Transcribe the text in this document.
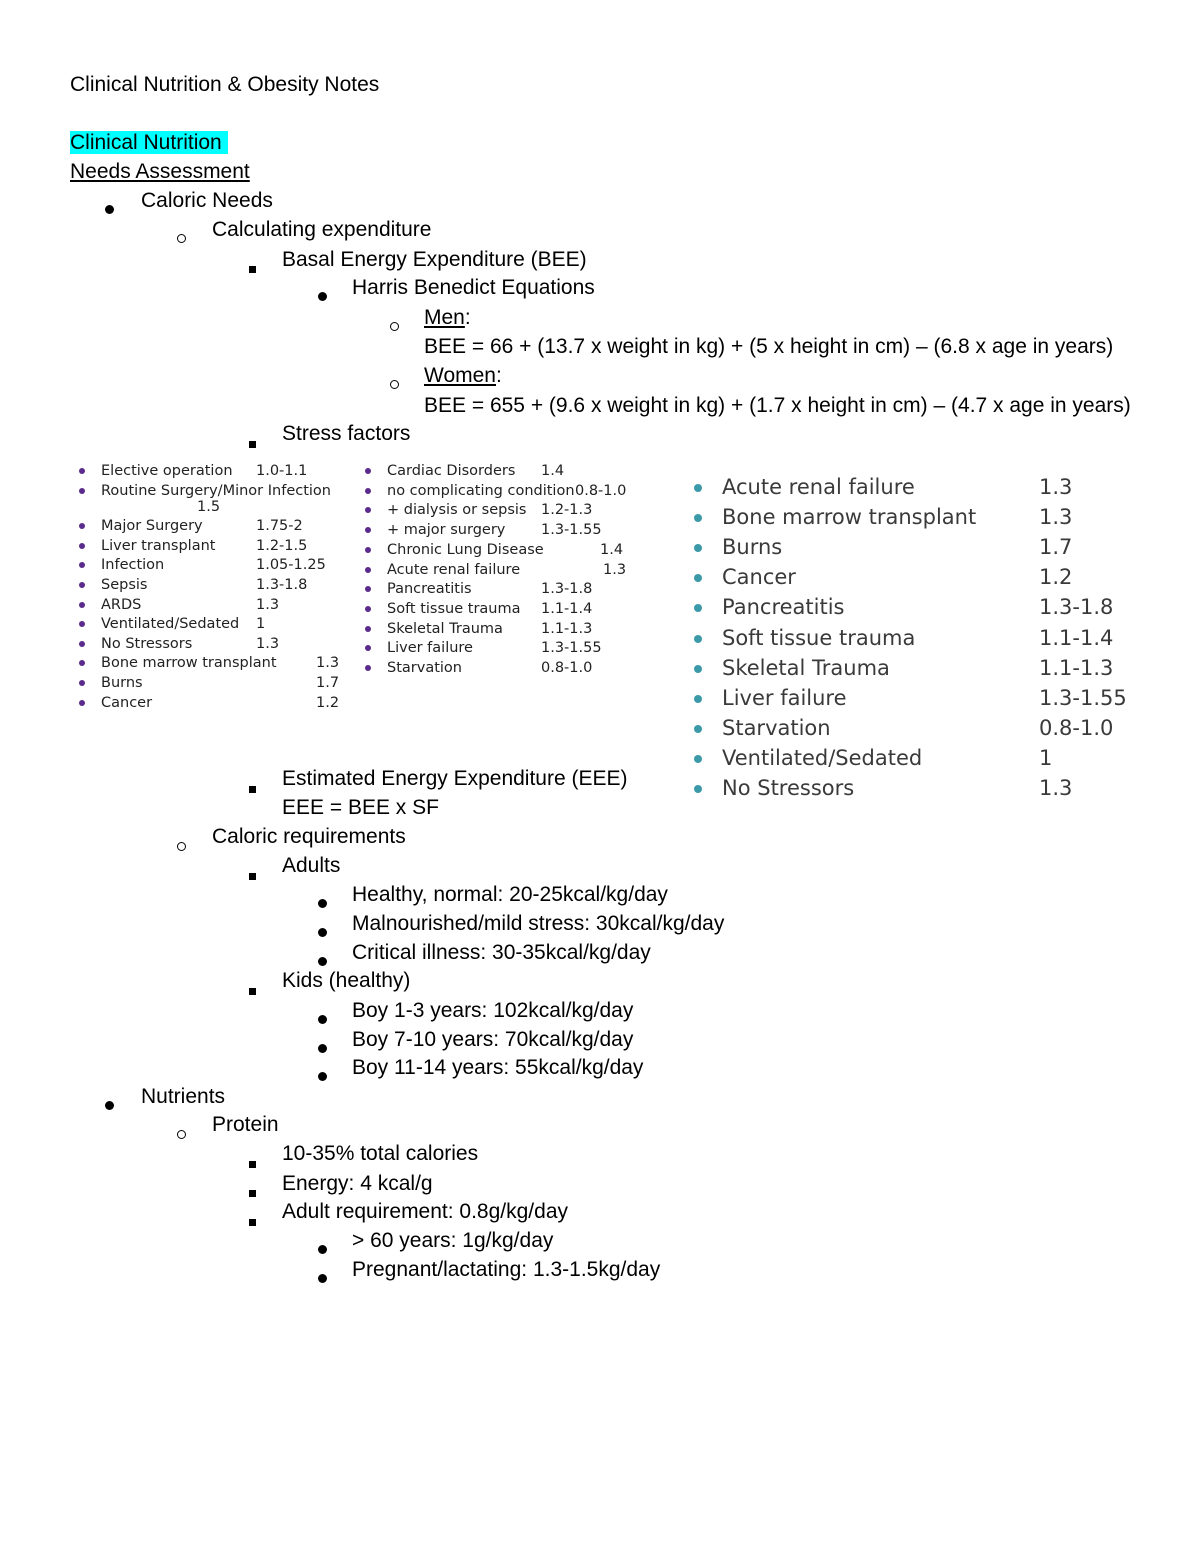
Clinical Nutrition & Obesity Notes
Clinical Nutrition
Needs Assessment
Caloric Needs
Calculating expenditure
Basal Energy Expenditure (BEE)
Harris Benedict Equations
Men:
BEE = 66 + (13.7 x weight in kg) + (5 x height in cm) – (6.8 x age in years)
Women:
BEE = 655 + (9.6 x weight in kg) + (1.7 x height in cm) – (4.7 x age in years)
Stress factors
Elective operation 1.0-1.1
Routine Surgery/Minor Infection
1.5
Major Surgery	1.75-2
Liver transplant	1.2-1.5
Infection	1.05-1.25
Sepsis	1.3-1.8
ARDS	1.3
Ventilated/Sedated 1
No Stressors	1.3
Bone marrow transplant	1.3
Burns	1.7
Cancer	1.2
Cardiac Disorders 1.4
no complicating condition 0.8-1.0
+ dialysis or sepsis 1.2-1.3
+ major surgery 1.3-1.55
Chronic Lung Disease	1.4
Acute renal failure	1.3
Pancreatitis	1.3-1.8
Soft tissue trauma 1.1-1.4
Skeletal Trauma	1.1-1.3
Liver failure	1.3-1.55
Starvation	0.8-1.0
Acute renal failure	1.3
Bone marrow transplant	1.3
Burns	1.7
Cancer	1.2
Pancreatitis	1.3-1.8
Soft tissue trauma	1.1-1.4
Skeletal Trauma	1.1-1.3
Liver failure	1.3-1.55
Starvation	0.8-1.0
Ventilated/Sedated	1
No Stressors	1.3
Estimated Energy Expenditure (EEE)
EEE = BEE x SF
Caloric requirements
Adults
Healthy, normal: 20-25kcal/kg/day
Malnourished/mild stress: 30kcal/kg/day
Critical illness: 30-35kcal/kg/day
Kids (healthy)
Boy 1-3 years: 102kcal/kg/day
Boy 7-10 years: 70kcal/kg/day
Boy 11-14 years: 55kcal/kg/day
Nutrients
Protein
10-35% total calories
Energy: 4 kcal/g
Adult requirement: 0.8g/kg/day
> 60 years: 1g/kg/day
Pregnant/lactating: 1.3-1.5kg/day
